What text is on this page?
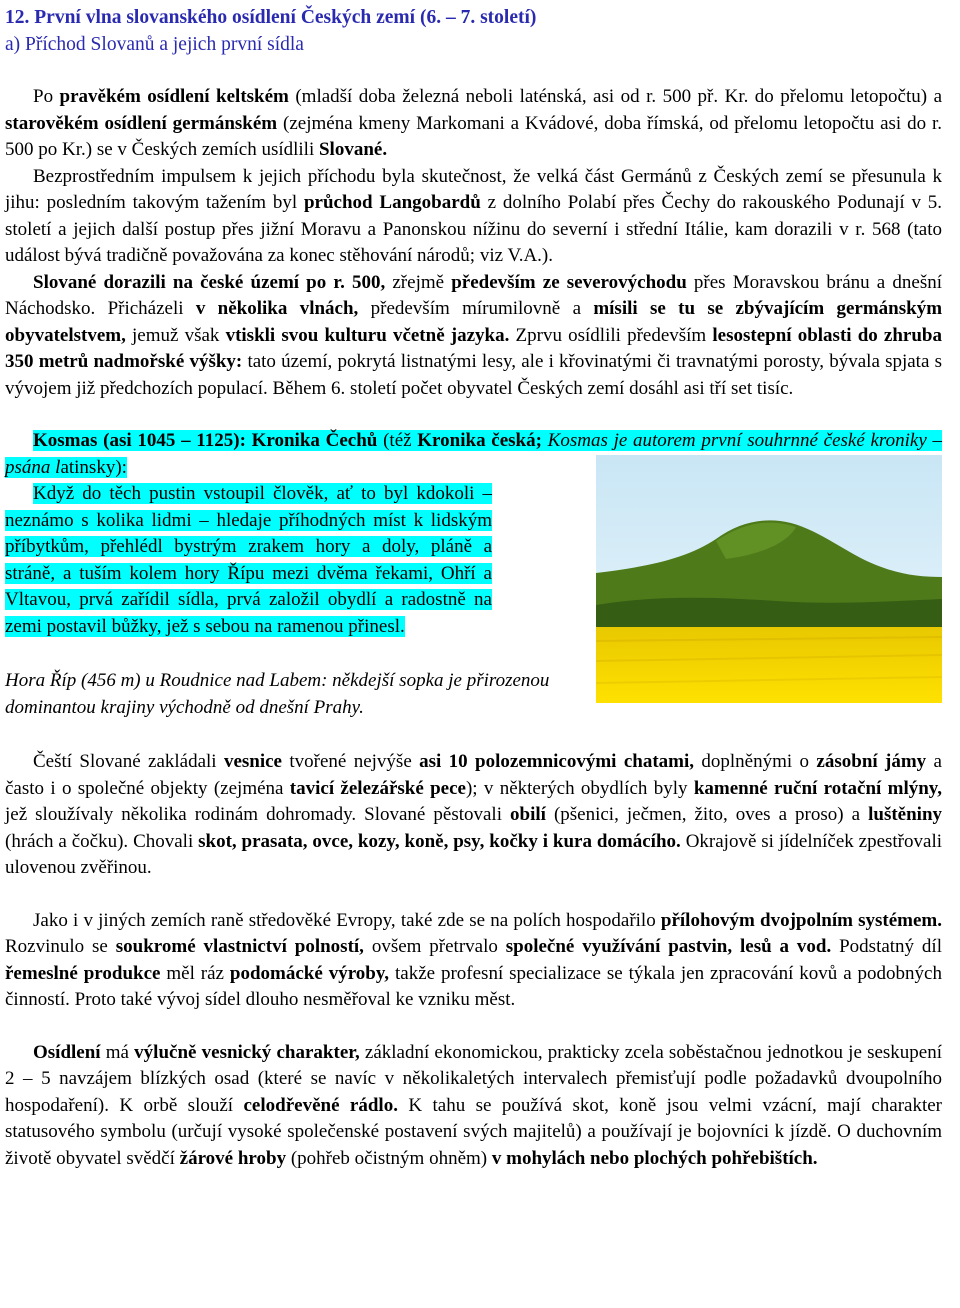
12. První vlna slovanského osídlení Českých zemí (6. – 7. století)

a) Příchod Slovanů a jejich první sídla

Po pravěkém osídlení keltském (mladší doba železná neboli laténská, asi od r. 500 př. Kr. do přelomu letopočtu) a starověkém osídlení germánském (zejména kmeny Markomani a Kvádové, doba římská, od přelomu letopočtu asi do r. 500 po Kr.) se v Českých zemích usídlili Slované.

Bezprostředním impulsem k jejich příchodu byla skutečnost, že velká část Germánů z Českých zemí se přesunula k jihu: posledním takovým tažením byl průchod Langobardů z dolního Polabí přes Čechy do rakouského Podunají v 5. století a jejich další postup přes jižní Moravu a Panonskou nížinu do severní i střední Itálie, kam dorazili v r. 568 (tato událost bývá tradičně považována za konec stěhování národů; viz V.A.).

Slované dorazili na české území po r. 500, zřejmě především ze severovýchodu přes Moravskou bránu a dnešní Náchodsko. Přicházeli v několika vlnách, především mírumilovně a mísili se tu se zbývajícím germánským obyvatelstvem, jemuž však vtiskli svou kulturu včetně jazyka. Zprvu osídlili především lesostepní oblasti do zhruba 350 metrů nadmořské výšky: tato území, pokrytá listnatými lesy, ale i křovinatými či travnatými porosty, bývala spjata s vývojem již předchozích populací. Během 6. století počet obyvatel Českých zemí dosáhl asi tří set tisíc.

Kosmas (asi 1045 – 1125): Kronika Čechů (též Kronika česká; Kosmas je autorem první souhrnné české kroniky – psána latinsky):

Když do těch pustin vstoupil člověk, ať to byl kdokoli – neznámo s kolika lidmi – hledaje příhodných míst k lidským příbytkům, přehlédl bystrým zrakem hory a doly, pláně a stráně, a tuším kolem hory Řípu mezi dvěma řekami, Ohří a Vltavou, prvá zařídil sídla, prvá založil obydlí a radostně na zemi postavil bůžky, jež s sebou na ramenou přinesl.

Hora Říp (456 m) u Roudnice nad Labem: někdejší sopka je přirozenou dominantou krajiny východně od dnešní Prahy.

Čeští Slované zakládali vesnice tvořené nejvýše asi 10 polozemnicovými chatami, doplněnými o zásobní jámy a často i o společné objekty (zejména tavicí železářské pece); v některých obydlích byly kamenné ruční rotační mlýny, jež sloužívaly několika rodinám dohromady. Slované pěstovali obilí (pšenici, ječmen, žito, oves a proso) a luštěniny (hrách a čočku). Chovali skot, prasata, ovce, kozy, koně, psy, kočky i kura domácího. Okrajově si jídelníček zpestřovali ulovenou zvěřinou.

Jako i v jiných zemích raně středověké Evropy, také zde se na polích hospodařilo přílohovým dvojpolním systémem. Rozvinulo se soukromé vlastnictví polností, ovšem přetrvalo společné využívání pastvin, lesů a vod. Podstatný díl řemeslné produkce měl ráz podomácké výroby, takže profesní specializace se týkala jen zpracování kovů a podobných činností. Proto také vývoj sídel dlouho nesměřoval ke vzniku měst.

Osídlení má výlučně vesnický charakter, základní ekonomickou, prakticky zcela soběstačnou jednotkou je seskupení 2 – 5 navzájem blízkých osad (které se navíc v několikaletých intervalech přemisťují podle požadavků dvoupolního hospodaření). K orbě slouží celodřevěné rádlo. K tahu se používá skot, koně jsou velmi vzácní, mají charakter statusového symbolu (určují vysoké společenské postavení svých majitelů) a používají je bojovníci k jízdě. O duchovním životě obyvatel svědčí žárové hroby (pohřeb očistným ohněm) v mohylách nebo plochých pohřebištích.
